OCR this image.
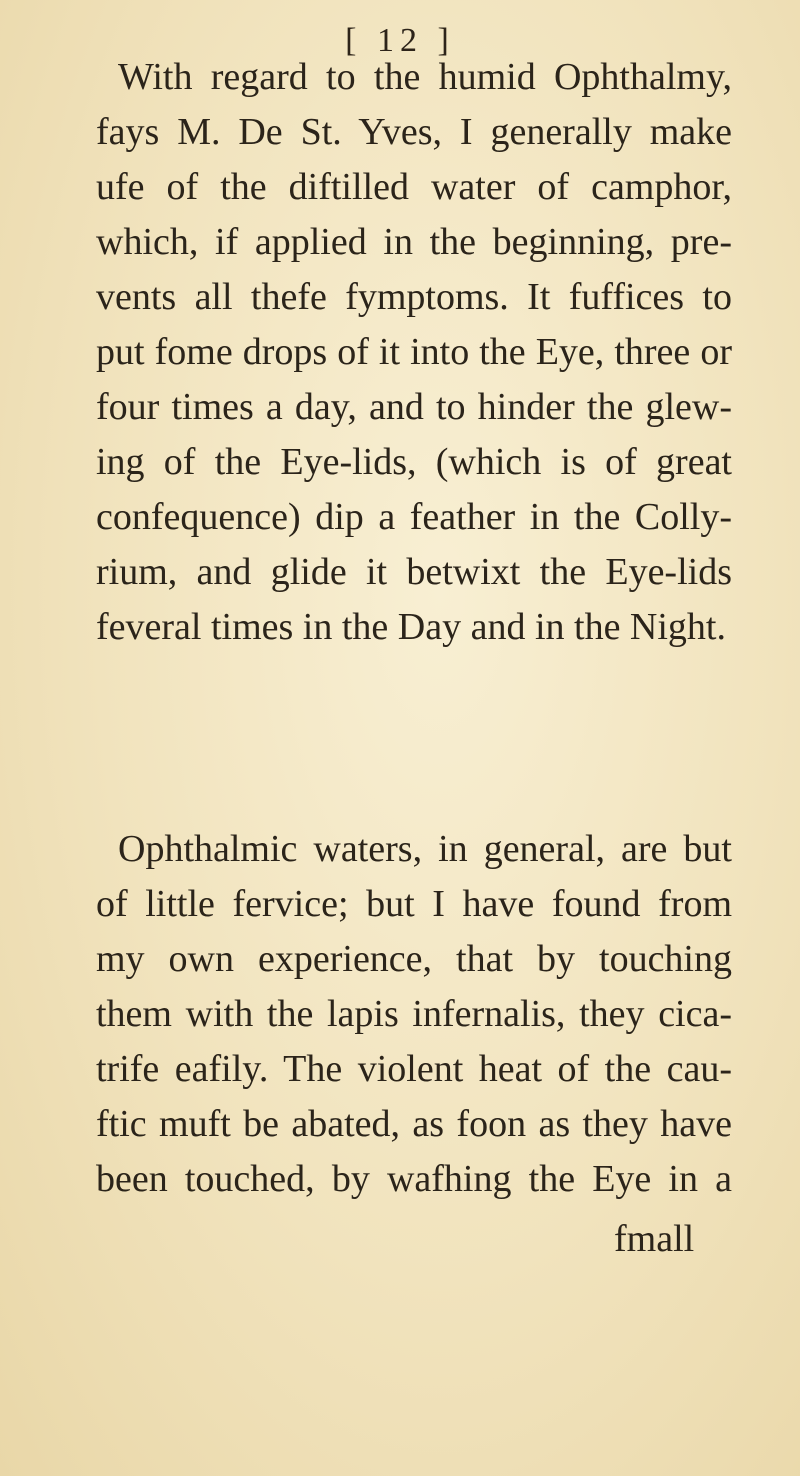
[ 12 ]
With regard to the humid Ophthalmy,
fays M. De St. Yves, I generally make
ufe of the diftilled water of camphor,
which, if applied in the beginning, pre-
vents all thefe fymptoms. It fuffices to
put fome drops of it into the Eye, three or
four times a day, and to hinder the glew-
ing of the Eye-lids, (which is of great
confequence) dip a feather in the Colly-
rium, and glide it betwixt the Eye-lids
feveral times in the Day and in the Night.
Ophthalmic waters, in general, are but
of little fervice; but I have found from
my own experience, that by touching
them with the lapis infernalis, they cica-
trife eafily. The violent heat of the cau-
ftic muft be abated, as foon as they have
been touched, by wafhing the Eye in a
fmall
